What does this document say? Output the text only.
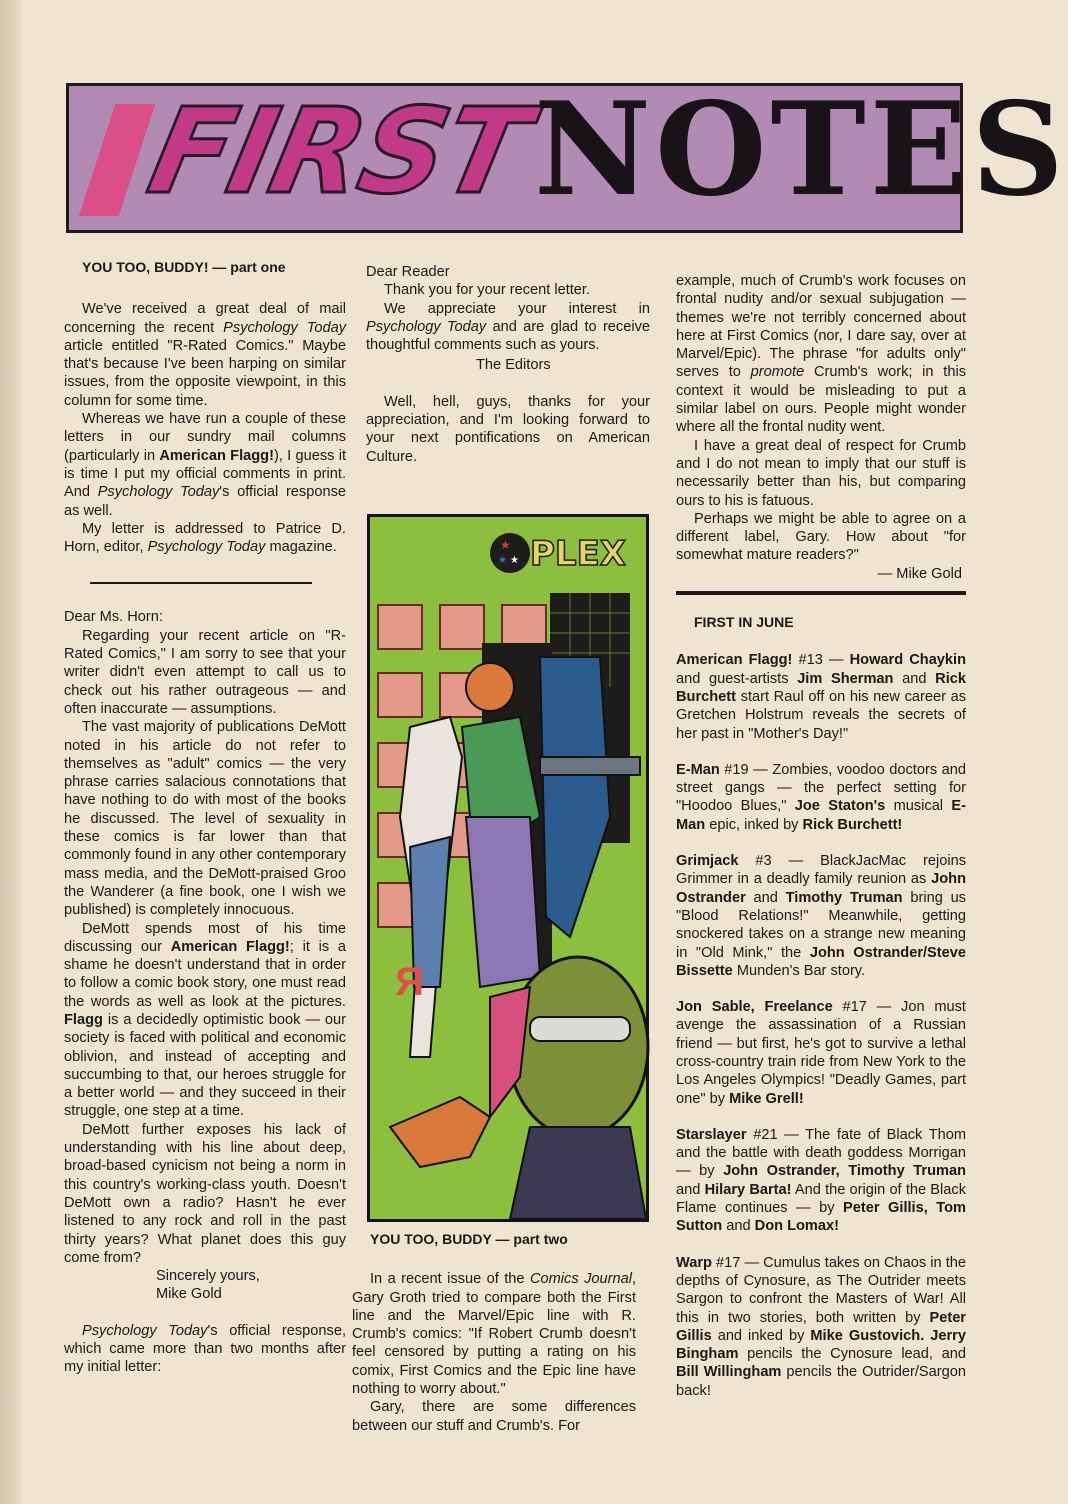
FIRST
NOTES

YOU TOO, BUDDY! — part one

We've received a great deal of mail concerning the recent Psychology Today article entitled "R-Rated Comics." Maybe that's because I've been harping on similar issues, from the opposite viewpoint, in this column for some time.

Whereas we have run a couple of these letters in our sundry mail columns (particularly in American Flagg!), I guess it is time I put my official comments in print. And Psychology Today's official response as well.

My letter is addressed to Patrice D. Horn, editor, Psychology Today magazine.

Dear Ms. Horn:

Regarding your recent article on "R-Rated Comics," I am sorry to see that your writer didn't even attempt to call us to check out his rather outrageous — and often inaccurate — assumptions.

The vast majority of publications DeMott noted in his article do not refer to themselves as "adult" comics — the very phrase carries salacious connotations that have nothing to do with most of the books he discussed. The level of sexuality in these comics is far lower than that commonly found in any other contemporary mass media, and the DeMott-praised Groo the Wanderer (a fine book, one I wish we published) is completely innocuous.

DeMott spends most of his time discussing our American Flagg!; it is a shame he doesn't understand that in order to follow a comic book story, one must read the words as well as look at the pictures. Flagg is a decidedly optimistic book — our society is faced with political and economic oblivion, and instead of accepting and succumbing to that, our heroes struggle for a better world — and they succeed in their struggle, one step at a time.

DeMott further exposes his lack of understanding with his line about deep, broad-based cynicism not being a norm in this country's working-class youth. Doesn't DeMott own a radio? Hasn't he ever listened to any rock and roll in the past thirty years? What planet does this guy come from?

Sincerely yours,

Mike Gold

Psychology Today's official response, which came more than two months after my initial letter:

Dear Reader

Thank you for your recent letter.

We appreciate your interest in Psychology Today and are glad to receive thoughtful comments such as yours.

The Editors

Well, hell, guys, thanks for your appreciation, and I'm looking forward to your next pontifications on American Culture.

★
★
★ PLEX
R

YOU TOO, BUDDY — part two

In a recent issue of the Comics Journal, Gary Groth tried to compare both the First line and the Marvel/Epic line with R. Crumb's comics: "If Robert Crumb doesn't feel censored by putting a rating on his comix, First Comics and the Epic line have nothing to worry about."

Gary, there are some differences between our stuff and Crumb's. For

example, much of Crumb's work focuses on frontal nudity and/or sexual subjugation — themes we're not terribly concerned about here at First Comics (nor, I dare say, over at Marvel/Epic). The phrase "for adults only" serves to promote Crumb's work; in this context it would be misleading to put a similar label on ours. People might wonder where all the frontal nudity went.

I have a great deal of respect for Crumb and I do not mean to imply that our stuff is necessarily better than his, but comparing ours to his is fatuous.

Perhaps we might be able to agree on a different label, Gary. How about "for somewhat mature readers?"

— Mike Gold

FIRST IN JUNE

American Flagg! #13 — Howard Chaykin and guest-artists Jim Sherman and Rick Burchett start Raul off on his new career as Gretchen Holstrum reveals the secrets of her past in "Mother's Day!"

E-Man #19 — Zombies, voodoo doctors and street gangs — the perfect setting for "Hoodoo Blues," Joe Staton's musical E-Man epic, inked by Rick Burchett!

Grimjack #3 — BlackJacMac rejoins Grimmer in a deadly family reunion as John Ostrander and Timothy Truman bring us "Blood Relations!" Meanwhile, getting snockered takes on a strange new meaning in "Old Mink," the John Ostrander/Steve Bissette Munden's Bar story.

Jon Sable, Freelance #17 — Jon must avenge the assassination of a Russian friend — but first, he's got to survive a lethal cross-country train ride from New York to the Los Angeles Olympics! "Deadly Games, part one" by Mike Grell!

Starslayer #21 — The fate of Black Thom and the battle with death goddess Morrigan — by John Ostrander, Timothy Truman and Hilary Barta! And the origin of the Black Flame continues — by Peter Gillis, Tom Sutton and Don Lomax!

Warp #17 — Cumulus takes on Chaos in the depths of Cynosure, as The Outrider meets Sargon to confront the Masters of War! All this in two stories, both written by Peter Gillis and inked by Mike Gustovich. Jerry Bingham pencils the Cynosure lead, and Bill Willingham pencils the Outrider/Sargon back!
